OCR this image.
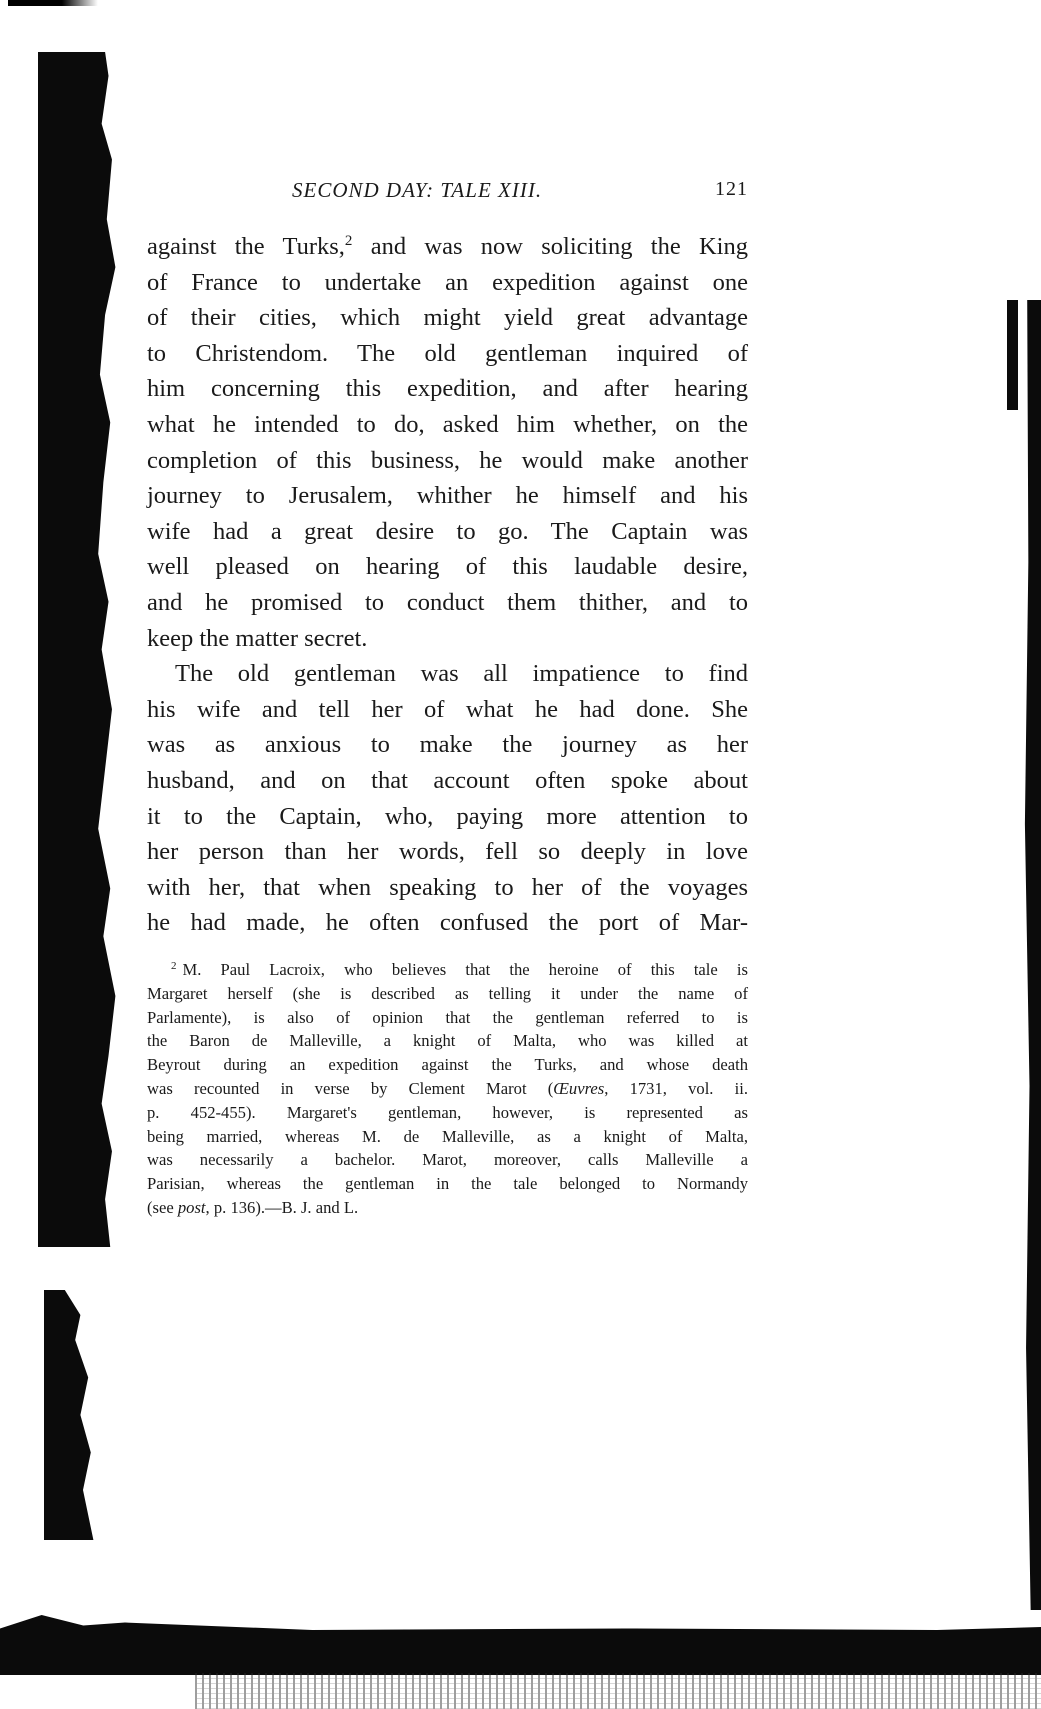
SECOND DAY: TALE XIII.	121
against the Turks,$^2$ and was now soliciting the King
of France to undertake an expedition against one
of their cities, which might yield great advantage
to Christendom. The old gentleman inquired of
him concerning this expedition, and after hearing
what he intended to do, asked him whether, on the
completion of this business, he would make another
journey to Jerusalem, whither he himself and his
wife had a great desire to go. The Captain was
well pleased on hearing of this laudable desire,
and he promised to conduct them thither, and to
keep the matter secret.
The old gentleman was all impatience to find
his wife and tell her of what he had done. She
was as anxious to make the journey as her
husband, and on that account often spoke about
it to the Captain, who, paying more attention to
her person than her words, fell so deeply in love
with her, that when speaking to her of the voyages
he had made, he often confused the port of Mar-
$^2$ M. Paul Lacroix, who believes that the heroine of this tale is
Margaret herself (she is described as telling it under the name of
Parlamente), is also of opinion that the gentleman referred to is
the Baron de Malleville, a knight of Malta, who was killed at
Beyrout during an expedition against the Turks, and whose death
was recounted in verse by Clement Marot (Œuvres, 1731, vol. ii.
p. 452-455). Margaret's gentleman, however, is represented as
being married, whereas M. de Malleville, as a knight of Malta,
was necessarily a bachelor. Marot, moreover, calls Malleville a
Parisian, whereas the gentleman in the tale belonged to Normandy
(see post, p. 136).—B. J. and L.
